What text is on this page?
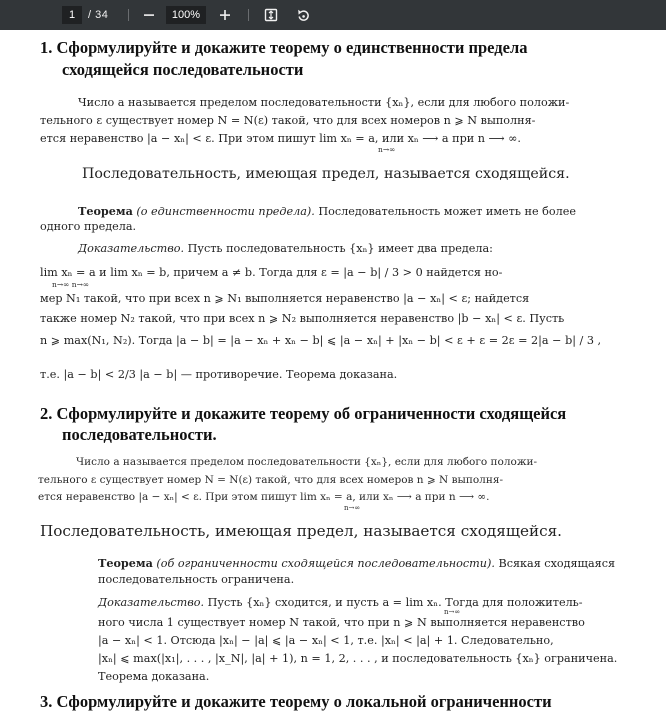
1 / 34	100%
1. Сформулируйте и докажите теорему о единственности предела
сходящейся последовательности
Число a называется пределом последовательности {xₙ}, если для любого положи-
тельного ε существует номер N = N(ε) такой, что для всех номеров n ⩾ N выполня-
ется неравенство |a − xₙ| < ε. При этом пишут lim xₙ = a, или xₙ ⟶ a при n ⟶ ∞.
n→∞
Последовательность, имеющая предел, называется сходящейся.
Теорема (о единственности предела). Последовательность может иметь не более
одного предела.
Доказательство. Пусть последовательность {xₙ} имеет два предела:
lim xₙ = a и lim xₙ = b, причем a ≠ b. Тогда для ε = |a − b| / 3 > 0 найдется но-
n→∞ n→∞
мер N₁ такой, что при всех n ⩾ N₁ выполняется неравенство |a − xₙ| < ε; найдется
также номер N₂ такой, что при всех n ⩾ N₂ выполняется неравенство |b − xₙ| < ε. Пусть
n ⩾ max(N₁, N₂). Тогда |a − b| = |a − xₙ + xₙ − b| ⩽ |a − xₙ| + |xₙ − b| < ε + ε = 2ε = 2|a − b| / 3 ,
т.е. |a − b| < 2/3 |a − b| — противоречие. Теорема доказана.
2. Сформулируйте и докажите теорему об ограниченности сходящейся
последовательности.
Число a называется пределом последовательности {xₙ}, если для любого положи-
тельного ε существует номер N = N(ε) такой, что для всех номеров n ⩾ N выполня-
ется неравенство |a − xₙ| < ε. При этом пишут lim xₙ = a, или xₙ ⟶ a при n ⟶ ∞.
n→∞
Последовательность, имеющая предел, называется сходящейся.
Теорема (об ограниченности сходящейся последовательности). Всякая сходящаяся
последовательность ограничена.
Доказательство. Пусть {xₙ} сходится, и пусть a = lim xₙ. Тогда для положитель-
n→∞
ного числа 1 существует номер N такой, что при n ⩾ N выполняется неравенство
|a − xₙ| < 1. Отсюда |xₙ| − |a| ⩽ |a − xₙ| < 1, т.е. |xₙ| < |a| + 1. Следовательно,
|xₙ| ⩽ max(|x₁|, . . . , |x_N|, |a| + 1), n = 1, 2, . . . , и последовательность {xₙ} ограничена.
Теорема доказана.
3. Сформулируйте и докажите теорему о локальной ограниченности
